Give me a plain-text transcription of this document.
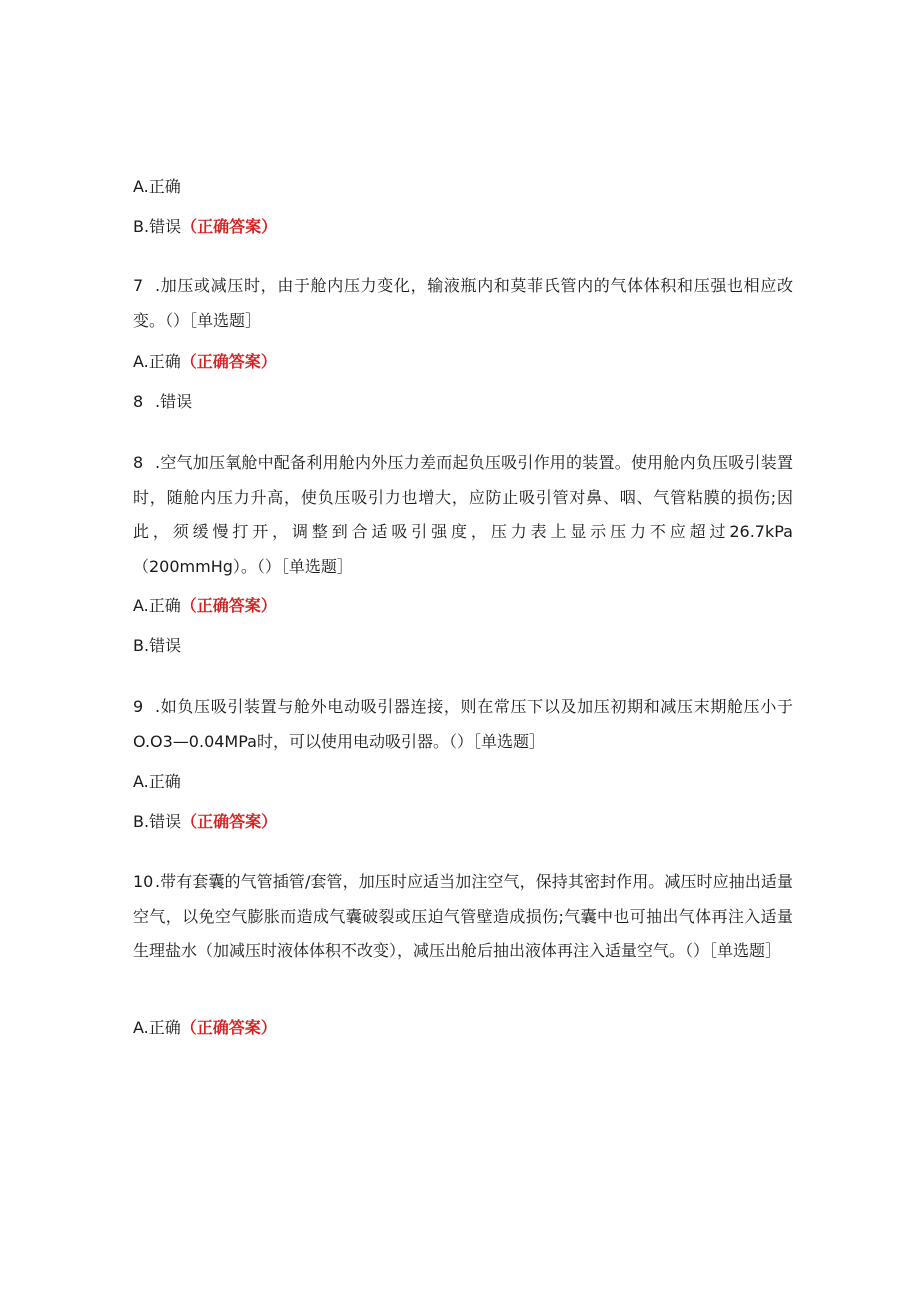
A.正确
B.错误（正确答案）
7 .加压或减压时，由于舱内压力变化，输液瓶内和莫菲氏管内的气体体积和压强也相应改变。（）［单选题］
A.正确（正确答案）
8 .错误
8 .空气加压氧舱中配备利用舱内外压力差而起负压吸引作用的装置。使用舱内负压吸引装置时，随舱内压力升高，使负压吸引力也增大，应防止吸引管对鼻、咽、气管粘膜的损伤;因此，须缓慢打开，调整到合适吸引强度，压力表上显示压力不应超过26.7kPa（200mmHg）。（）［单选题］
A.正确（正确答案）
B.错误
9 .如负压吸引装置与舱外电动吸引器连接，则在常压下以及加压初期和减压末期舱压小于O.O3—0.04MPa时，可以使用电动吸引器。（）［单选题］
A.正确
B.错误（正确答案）
10 .带有套囊的气管插管/套管，加压时应适当加注空气，保持其密封作用。减压时应抽出适量空气，以免空气膨胀而造成气囊破裂或压迫气管壁造成损伤;气囊中也可抽出气体再注入适量生理盐水（加减压时液体体积不改变），减压出舱后抽出液体再注入适量空气。（）［单选题］
A.正确（正确答案）
